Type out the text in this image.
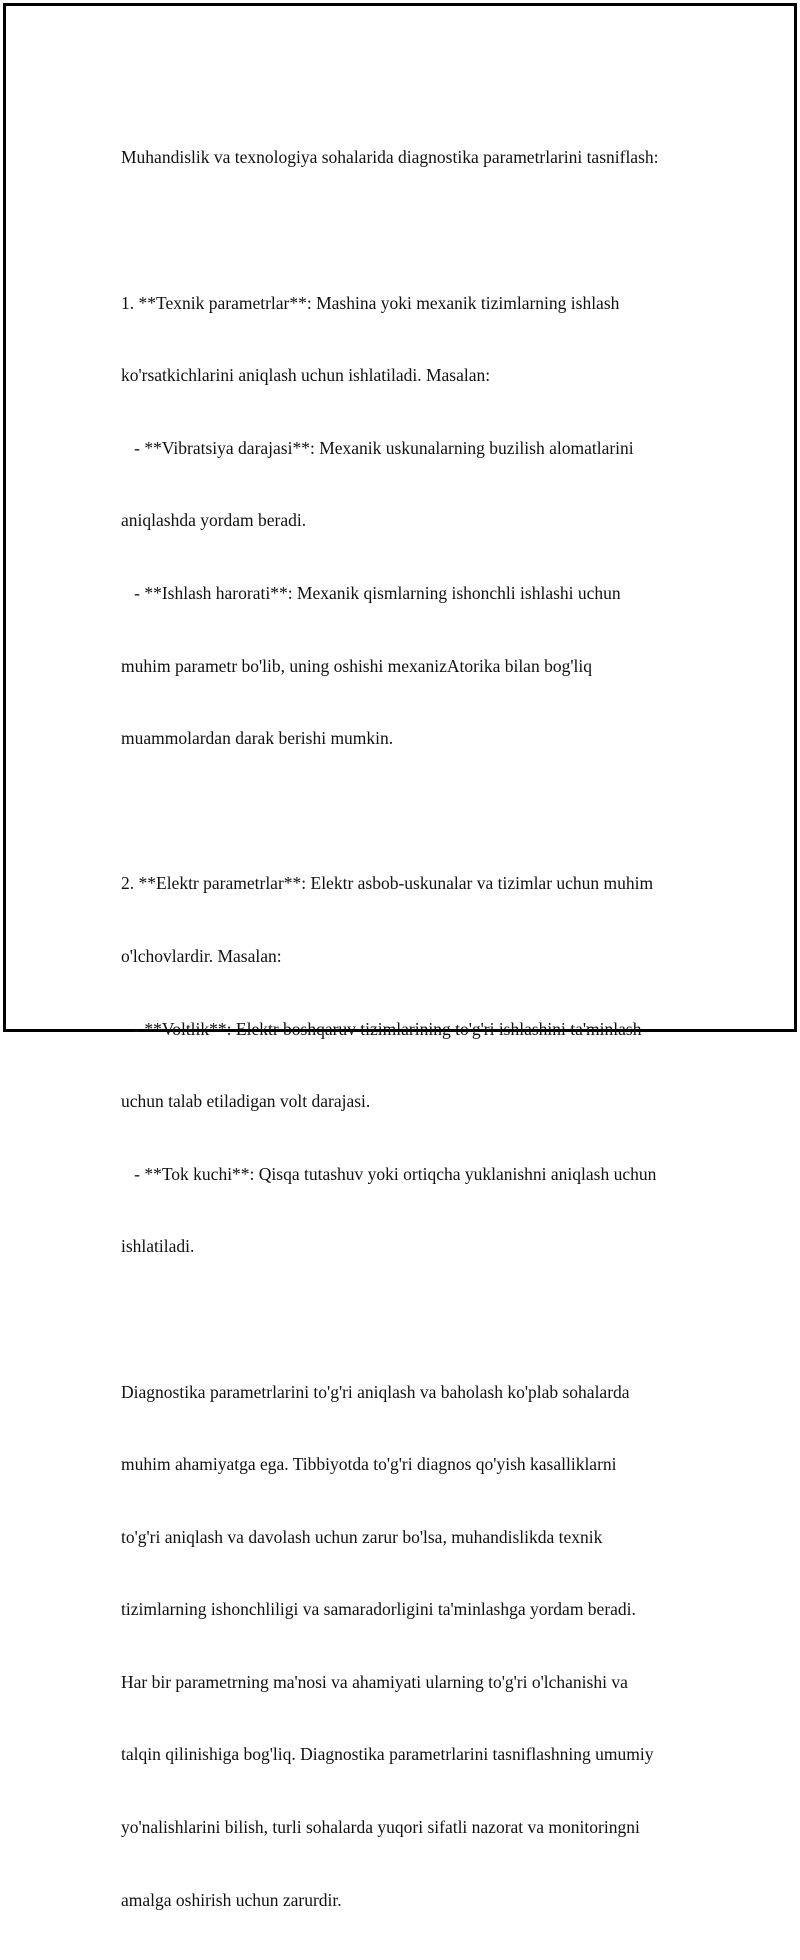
Muhandislik va texnologiya sohalarida diagnostika parametrlarini tasniflash:

1. **Texnik parametrlar**: Mashina yoki mexanik tizimlarning ishlash

ko'rsatkichlarini aniqlash uchun ishlatiladi. Masalan:

- **Vibratsiya darajasi**: Mexanik uskunalarning buzilish alomatlarini

aniqlashda yordam beradi.

- **Ishlash harorati**: Mexanik qismlarning ishonchli ishlashi uchun

muhim parametr bo'lib, uning oshishi mexanizAtorika bilan bog'liq

muammolardan darak berishi mumkin.

2. **Elektr parametrlar**: Elektr asbob-uskunalar va tizimlar uchun muhim

o'lchovlardir. Masalan:

- **Voltlik**: Elektr boshqaruv tizimlarining to'g'ri ishlashini ta'minlash

uchun talab etiladigan volt darajasi.

- **Tok kuchi**: Qisqa tutashuv yoki ortiqcha yuklanishni aniqlash uchun

ishlatiladi.

Diagnostika parametrlarini to'g'ri aniqlash va baholash ko'plab sohalarda

muhim ahamiyatga ega. Tibbiyotda to'g'ri diagnos qo'yish kasalliklarni

to'g'ri aniqlash va davolash uchun zarur bo'lsa, muhandislikda texnik

tizimlarning ishonchliligi va samaradorligini ta'minlashga yordam beradi.

Har bir parametrning ma'nosi va ahamiyati ularning to'g'ri o'lchanishi va

talqin qilinishiga bog'liq. Diagnostika parametrlarini tasniflashning umumiy

yo'nalishlarini bilish, turli sohalarda yuqori sifatli nazorat va monitoringni

amalga oshirish uchun zarurdir.
